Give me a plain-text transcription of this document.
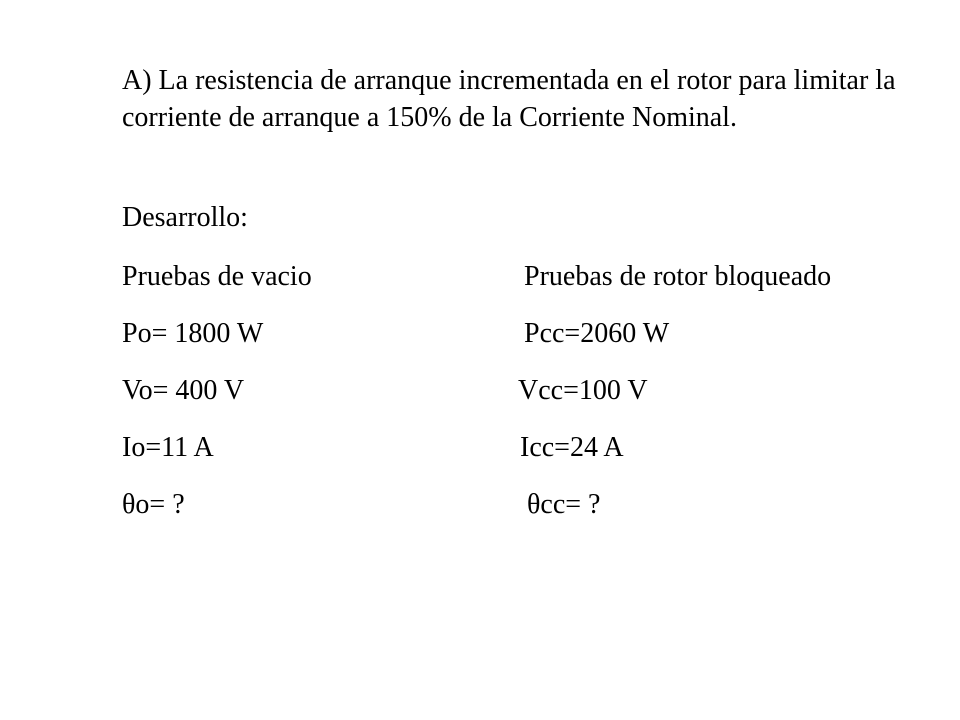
A) La resistencia de arranque incrementada en el rotor para limitar la corriente de arranque a 150% de la Corriente Nominal.

Desarrollo:

Pruebas de vacio	Pruebas de rotor bloqueado
Po= 1800 W	Pcc=2060 W
Vo= 400 V	Vcc=100 V
Io=11 A	Icc=24 A
θo= ?	θcc= ?
